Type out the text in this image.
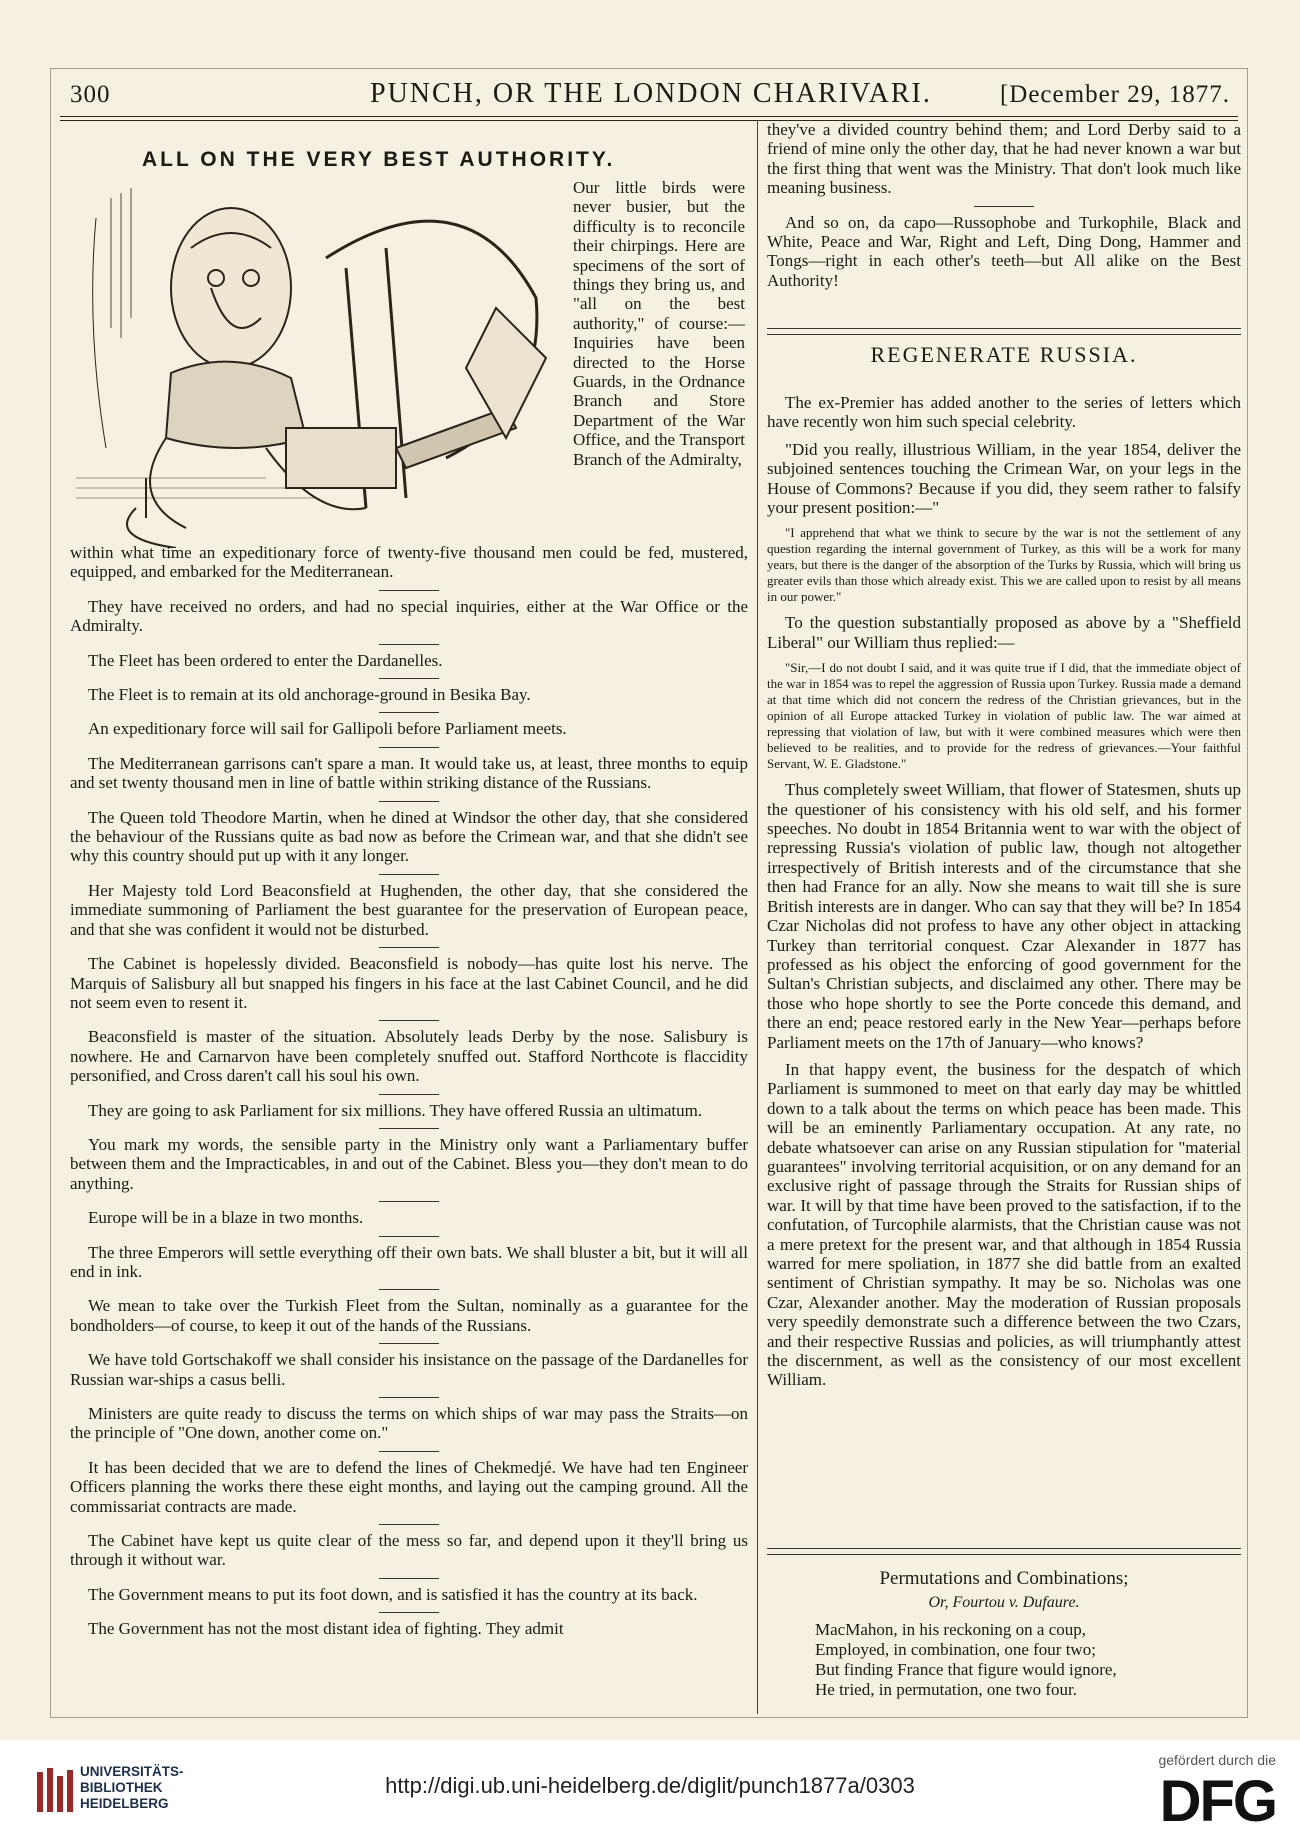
300	PUNCH, OR THE LONDON CHARIVARI.	[December 29, 1877.
ALL ON THE VERY BEST AUTHORITY.

Our little birds were never busier, but the difficulty is to reconcile their chirpings. Here are specimens of the sort of things they bring us, and "all on the best authority," of course:— Inquiries have been directed to the Horse Guards, in the Ordnance Branch and Store Department of the War Office, and the Transport Branch of the Admiralty,

within what time an expeditionary force of twenty-five thousand men could be fed, mustered, equipped, and embarked for the Mediterranean.

They have received no orders, and had no special inquiries, either at the War Office or the Admiralty.

The Fleet has been ordered to enter the Dardanelles.

The Fleet is to remain at its old anchorage-ground in Besika Bay.

An expeditionary force will sail for Gallipoli before Parliament meets.

The Mediterranean garrisons can't spare a man. It would take us, at least, three months to equip and set twenty thousand men in line of battle within striking distance of the Russians.

The Queen told Theodore Martin, when he dined at Windsor the other day, that she considered the behaviour of the Russians quite as bad now as before the Crimean war, and that she didn't see why this country should put up with it any longer.

Her Majesty told Lord Beaconsfield at Hughenden, the other day, that she considered the immediate summoning of Parliament the best guarantee for the preservation of European peace, and that she was confident it would not be disturbed.

The Cabinet is hopelessly divided. Beaconsfield is nobody—has quite lost his nerve. The Marquis of Salisbury all but snapped his fingers in his face at the last Cabinet Council, and he did not seem even to resent it.

Beaconsfield is master of the situation. Absolutely leads Derby by the nose. Salisbury is nowhere. He and Carnarvon have been completely snuffed out. Stafford Northcote is flaccidity personified, and Cross daren't call his soul his own.

They are going to ask Parliament for six millions. They have offered Russia an ultimatum.

You mark my words, the sensible party in the Ministry only want a Parliamentary buffer between them and the Impracticables, in and out of the Cabinet. Bless you—they don't mean to do anything.

Europe will be in a blaze in two months.

The three Emperors will settle everything off their own bats. We shall bluster a bit, but it will all end in ink.

We mean to take over the Turkish Fleet from the Sultan, nominally as a guarantee for the bondholders—of course, to keep it out of the hands of the Russians.

We have told Gortschakoff we shall consider his insistance on the passage of the Dardanelles for Russian war-ships a casus belli.

Ministers are quite ready to discuss the terms on which ships of war may pass the Straits—on the principle of "One down, another come on."

It has been decided that we are to defend the lines of Chekmedjé. We have had ten Engineer Officers planning the works there these eight months, and laying out the camping ground. All the commissariat contracts are made.

The Cabinet have kept us quite clear of the mess so far, and depend upon it they'll bring us through it without war.

The Government means to put its foot down, and is satisfied it has the country at its back.

The Government has not the most distant idea of fighting. They admit

they've a divided country behind them; and Lord Derby said to a friend of mine only the other day, that he had never known a war but the first thing that went was the Ministry. That don't look much like meaning business.

And so on, da capo—Russophobe and Turkophile, Black and White, Peace and War, Right and Left, Ding Dong, Hammer and Tongs—right in each other's teeth—but All alike on the Best Authority!

REGENERATE RUSSIA.

The ex-Premier has added another to the series of letters which have recently won him such special celebrity.

"Did you really, illustrious William, in the year 1854, deliver the subjoined sentences touching the Crimean War, on your legs in the House of Commons? Because if you did, they seem rather to falsify your present position:—"

"I apprehend that what we think to secure by the war is not the settlement of any question regarding the internal government of Turkey, as this will be a work for many years, but there is the danger of the absorption of the Turks by Russia, which will bring us greater evils than those which already exist. This we are called upon to resist by all means in our power."

To the question substantially proposed as above by a "Sheffield Liberal" our William thus replied:—

"Sir,—I do not doubt I said, and it was quite true if I did, that the immediate object of the war in 1854 was to repel the aggression of Russia upon Turkey. Russia made a demand at that time which did not concern the redress of the Christian grievances, but in the opinion of all Europe attacked Turkey in violation of public law. The war aimed at repressing that violation of law, but with it were combined measures which were then believed to be realities, and to provide for the redress of grievances.—Your faithful Servant, W. E. Gladstone."

Thus completely sweet William, that flower of Statesmen, shuts up the questioner of his consistency with his old self, and his former speeches. No doubt in 1854 Britannia went to war with the object of repressing Russia's violation of public law, though not altogether irrespectively of British interests and of the circumstance that she then had France for an ally. Now she means to wait till she is sure British interests are in danger. Who can say that they will be? In 1854 Czar Nicholas did not profess to have any other object in attacking Turkey than territorial conquest. Czar Alexander in 1877 has professed as his object the enforcing of good government for the Sultan's Christian subjects, and disclaimed any other. There may be those who hope shortly to see the Porte concede this demand, and there an end; peace restored early in the New Year—perhaps before Parliament meets on the 17th of January—who knows?

In that happy event, the business for the despatch of which Parliament is summoned to meet on that early day may be whittled down to a talk about the terms on which peace has been made. This will be an eminently Parliamentary occupation. At any rate, no debate whatsoever can arise on any Russian stipulation for "material guarantees" involving territorial acquisition, or on any demand for an exclusive right of passage through the Straits for Russian ships of war. It will by that time have been proved to the satisfaction, if to the confutation, of Turcophile alarmists, that the Christian cause was not a mere pretext for the present war, and that although in 1854 Russia warred for mere spoliation, in 1877 she did battle from an exalted sentiment of Christian sympathy. It may be so. Nicholas was one Czar, Alexander another. May the moderation of Russian proposals very speedily demonstrate such a difference between the two Czars, and their respective Russias and policies, as will triumphantly attest the discernment, as well as the consistency of our most excellent William.

Permutations and Combinations;
Or, Fourtou v. Dufaure.
MacMahon, in his reckoning on a coup,
Employed, in combination, one four two;
But finding France that figure would ignore,
He tried, in permutation, one two four.
UNIVERSITÄTS-
BIBLIOTHEK
HEIDELBERG
http://digi.ub.uni-heidelberg.de/diglit/punch1877a/0303
gefördert durch die
DFG
